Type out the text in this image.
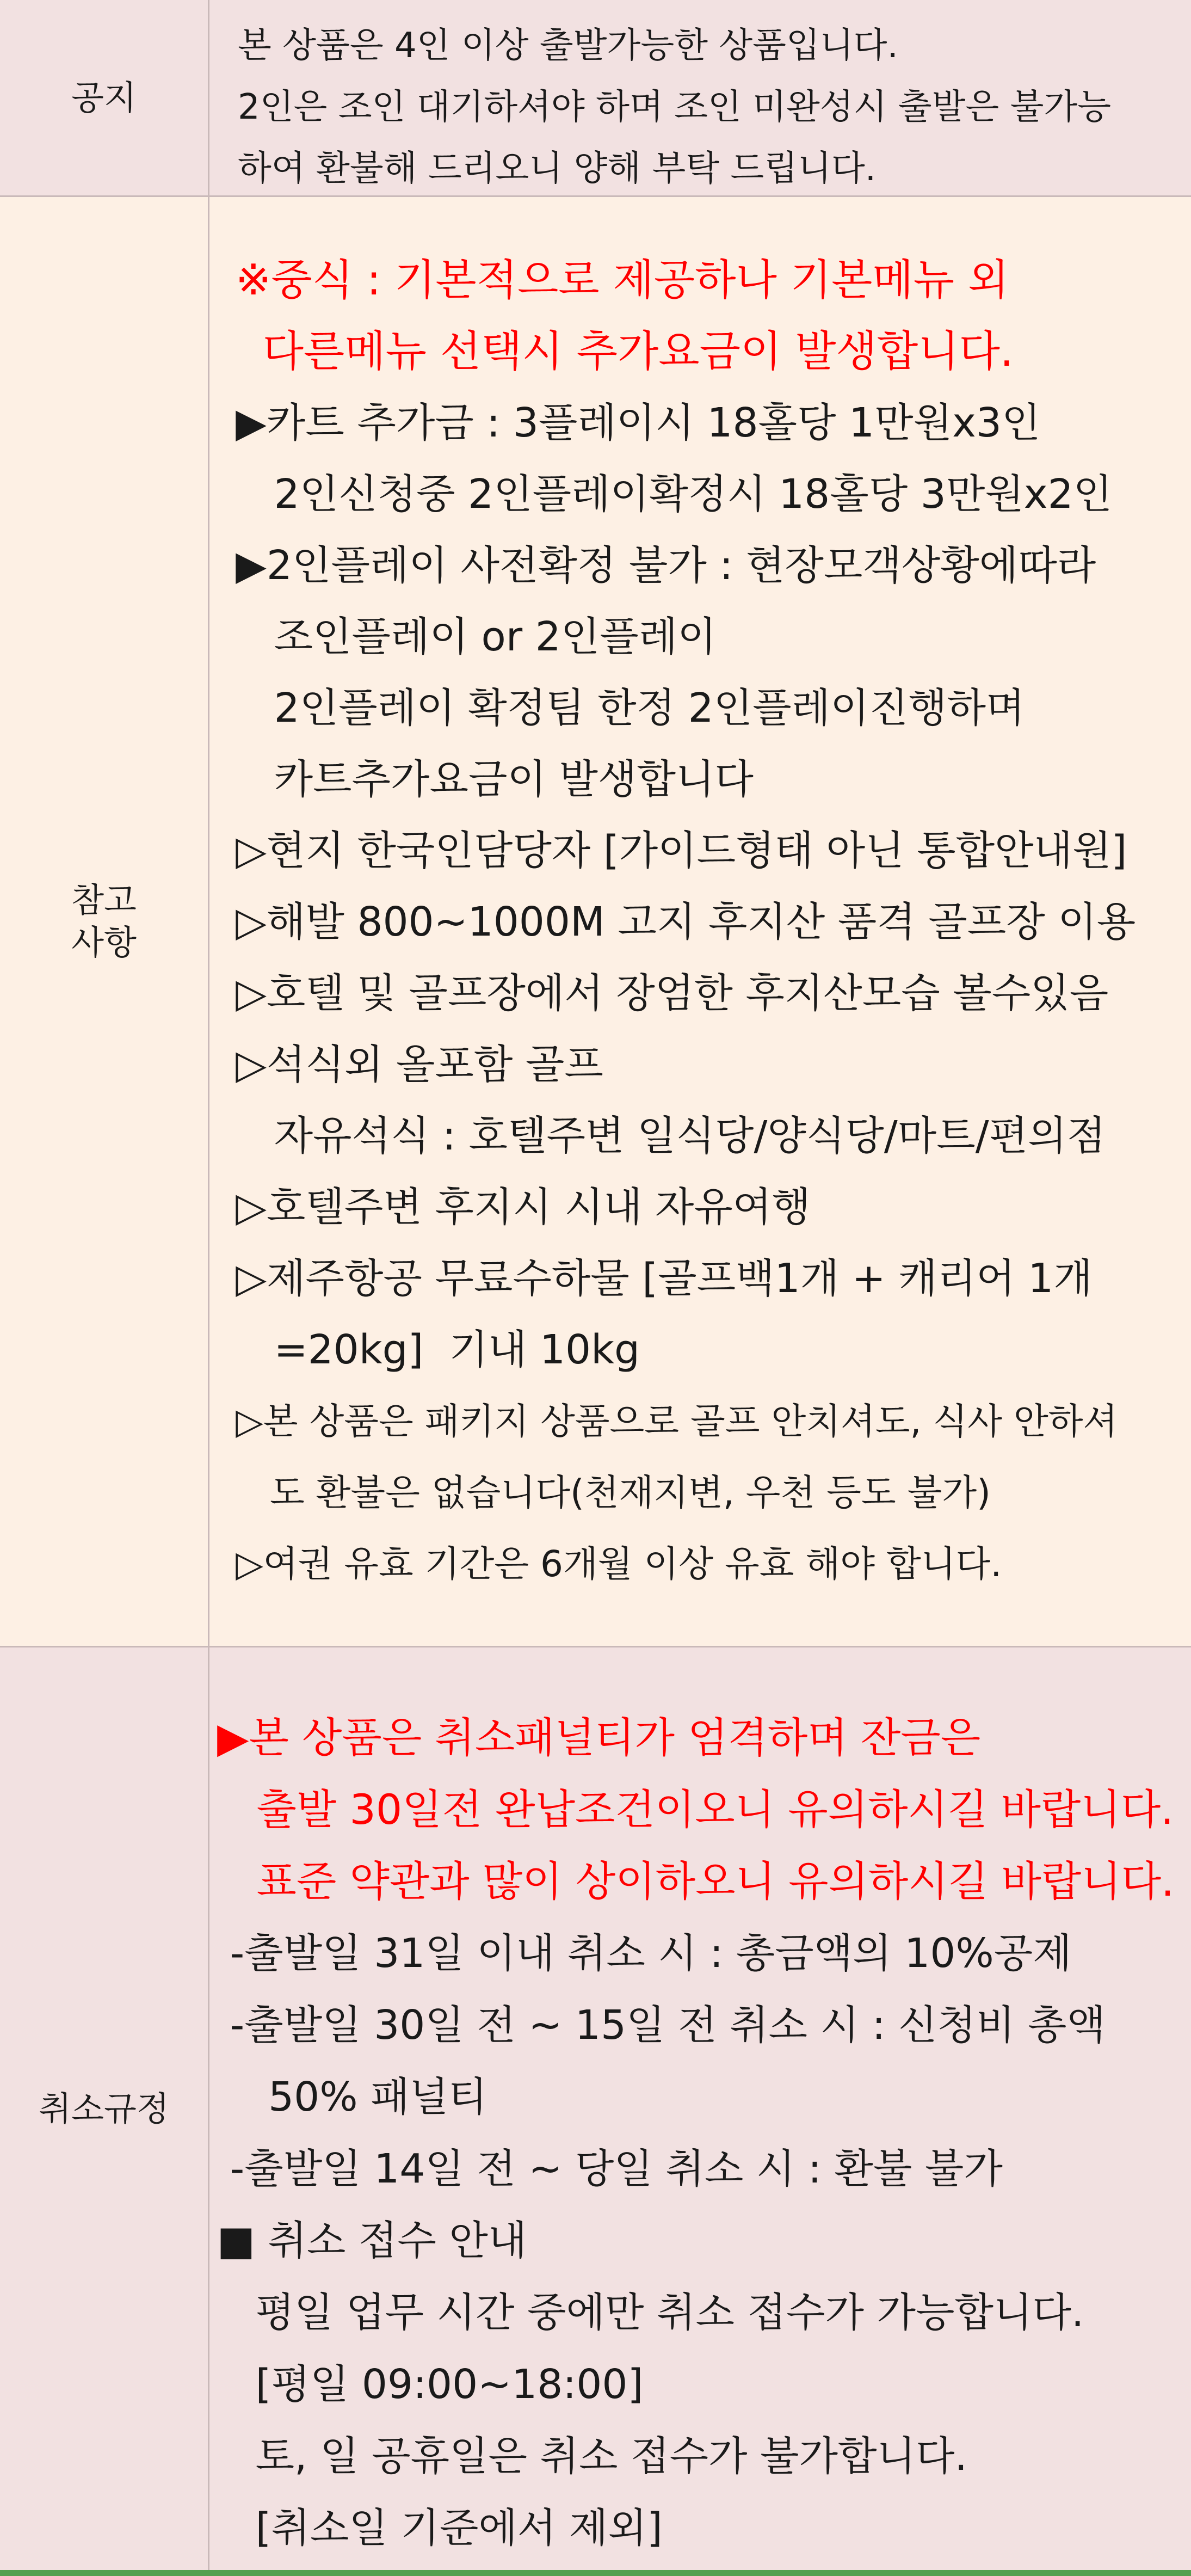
공지
본 상품은 4인 이상 출발가능한 상품입니다.
2인은 조인 대기하셔야 하며 조인 미완성시 출발은 불가능
하여 환불해 드리오니 양해 부탁 드립니다.
참고
사항
※중식 : 기본적으로 제공하나 기본메뉴 외
다른메뉴 선택시 추가요금이 발생합니다.
▶카트 추가금 : 3플레이시 18홀당 1만원x3인
2인신청중 2인플레이확정시 18홀당 3만원x2인
▶2인플레이 사전확정 불가 : 현장모객상황에따라
조인플레이 or 2인플레이
2인플레이 확정팀 한정 2인플레이진행하며
카트추가요금이 발생합니다
▷현지 한국인담당자 [가이드형태 아닌 통합안내원]
▷해발 800~1000M 고지 후지산 품격 골프장 이용
▷호텔 및 골프장에서 장엄한 후지산모습 볼수있음
▷석식외 올포함 골프
자유석식 : 호텔주변 일식당/양식당/마트/편의점
▷호텔주변 후지시 시내 자유여행
▷제주항공 무료수하물 [골프백1개 + 캐리어 1개
=20kg]  기내 10kg
▷본 상품은 패키지 상품으로 골프 안치셔도, 식사 안하셔
도 환불은 없습니다(천재지변, 우천 등도 불가)
▷여권 유효 기간은 6개월 이상 유효 해야 합니다.
취소규정
▶본 상품은 취소패널티가 엄격하며 잔금은
출발 30일전 완납조건이오니 유의하시길 바랍니다.
표준 약관과 많이 상이하오니 유의하시길 바랍니다.
-출발일 31일 이내 취소 시 : 총금액의 10%공제
-출발일 30일 전 ~ 15일 전 취소 시 : 신청비 총액
50% 패널티
-출발일 14일 전 ~ 당일 취소 시 : 환불 불가
■ 취소 접수 안내
평일 업무 시간 중에만 취소 접수가 가능합니다.
[평일 09:00~18:00]
토, 일 공휴일은 취소 접수가 불가합니다.
[취소일 기준에서 제외]
